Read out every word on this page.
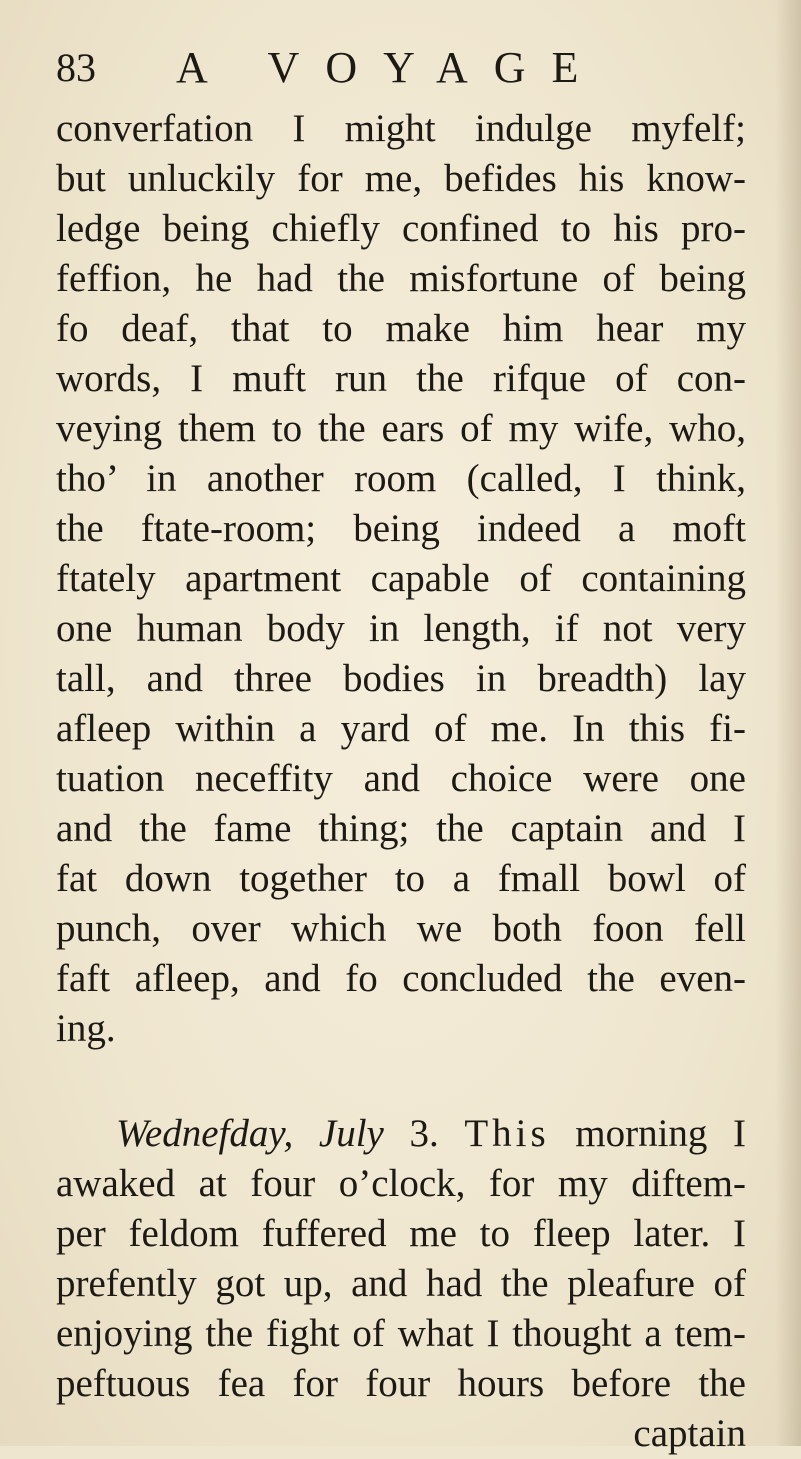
83 A VOYAGE
converfation I might indulge myfelf;
but unluckily for me, befides his know-
ledge being chiefly confined to his pro-
feffion, he had the misfortune of being
fo deaf, that to make him hear my
words, I muft run the rifque of con-
veying them to the ears of my wife, who,
tho’ in another room (called, I think,
the ftate-room; being indeed a moft
ftately apartment capable of containing
one human body in length, if not very
tall, and three bodies in breadth) lay
afleep within a yard of me. In this fi-
tuation neceffity and choice were one
and the fame thing; the captain and I
fat down together to a fmall bowl of
punch, over which we both foon fell
faft afleep, and fo concluded the even-
ing.
Wednefday, July 3. This morning I
awaked at four o’clock, for my diftem-
per feldom fuffered me to fleep later. I
prefently got up, and had the pleafure of
enjoying the fight of what I thought a tem-
peftuous fea for four hours before the
captain
